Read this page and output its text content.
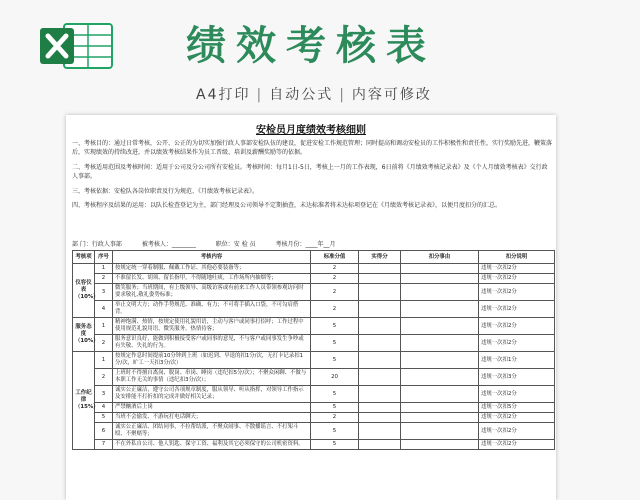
绩效考核表
A4打印 | 自动公式 | 内容可修改
安检员月度绩效考核细则
一、考核目的：通过日常考核，公开、公正的为切实加强行政人事部安检队伍的建设，促进安检工作规范管理；同时提高和调动安检员的工作积极性和责任性，实行奖励先进，鞭策落后，实现绩效的持续改进，并以绩效考核结果作为员工晋级、培训及薪酬奖励等的依据。
二、考核适用范围及考核时间：适用于公司及分公司所有安检员。考核时间：每月1日-5日，考核上一月的工作表现，6日前将《月绩效考核记录表》及《个人月绩效考核表》交行政人事部。
三、考核依据：安检队各岗位职责及行为规范、《月绩效考核记录表》。
四、考核程序及结果的运用：以队长检查登记为主，部门经理及公司领导不定期抽查，未达标准者将未达标项登记在《月绩效考核记录表》，以便月度扣分的汇总。
部 门：行政人事部	被考核人：________	职位：安 检 员	考核月份：____年__月
考核项	序号	考核内容	标准分值	实得分	扣分事由	扣分说明
仪容仪表（10%）	1	按规定统一穿着制服、佩戴工作证、其他必要装备等；	2			违规一次扣2分
	2	不准留长发、胡须、留长指甲，不得随地吐痰，工作场所内抽烟等；	2			违规一次扣2分
	3	微笑服务；当班期间，有上级领导、高级访客或有前来工作人员带领参观访问时要求敬礼,敬礼姿势标准；	2			违规一次扣2分
	4	举止文明大方；动作手势规范、准确、有力；不可将手插入口袋，不可勾肩搭背。	2			违规一次扣2分
服务态度（10%）	1	精神饱满、热情，按规定使用礼貌用语，主动与客户或同事打招呼；工作过程中使用规范礼貌用语，微笑服务，热情待客；	5			违规一次扣2分
	2	服务意识良好，能做到积极接受客户或同事的意见，不与客户或同事发生争吵或有失敬、失礼的行为。	5			违规一次扣2分
工作纪律（15%）	1	按规定作息时间提前10分钟到上班（如迟到、早退的扣1分/次，无打卡记录扣1分/次，旷工一天扣3分/次）	5			违规一次扣1分
	2	上班时不得擅自离岗、脱岗、串岗、睡岗（违纪扣5分/次）；不聚众闲聊、不做与本职工作无关的事情（违纪扣3分/次）；	20			违规一次扣3分
	3	诚实公正廉洁，遵守公司各项规章制度，服从领导、听从指挥，对领导工作指示及安排能不打折扣的完成并做好相关记录；	5			违规一次扣2分
	4	严禁酗酒后上岗	5			违规一次扣5分
	5	当班不会偷发、不游玩打电话聊天；	2			违规一次扣2分
	6	诚实公正廉洁、团结同事，不拉帮结派，不聚众闹事、不散播谣言、不打架斗殴、不聚赌等；	5			违规一次扣2分
	7	不在外私自公司、他人钥匙、保守工资、福利及其它必须保守的公司机密资料。	5			违规一次扣2分
